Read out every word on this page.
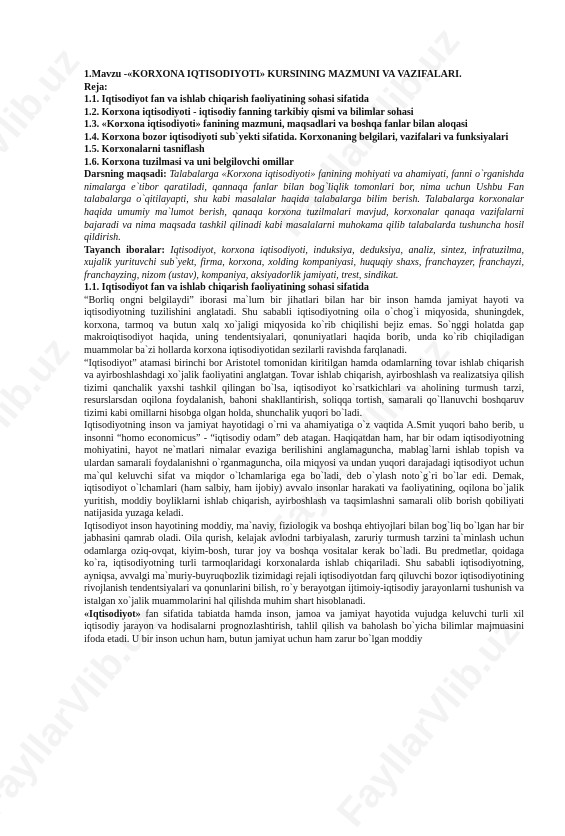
1.Mavzu -«KORXONA IQTISODIYOTI» KURSINING MAZMUNI VA VAZIFALARI.

Reja:

1.1. Iqtisodiyot fan va ishlab chiqarish faoliyatining sohasi sifatida

1.2. Korxona iqtisodiyoti - iqtisodiy fanning tarkibiy qismi va bilimlar sohasi

1.3. «Korxona iqtisodiyoti» fanining mazmuni, maqsadlari va boshqa fanlar bilan aloqasi

1.4. Korxona bozor iqtisodiyoti sub`yekti sifatida. Korxonaning belgilari, vazifalari va funksiyalari

1.5. Korxonalarni tasniflash

1.6. Korxona tuzilmasi va uni belgilovchi omillar

Darsning maqsadi: Talabalarga «Korxona iqtisodiyoti» fanining mohiyati va ahamiyati, fanni o`rganishda nimalarga e`tibor qaratiladi, qannaqa fanlar bilan bog`liqlik tomonlari bor, nima uchun Ushbu Fan talabalarga o`qitilayapti, shu kabi masalalar haqida talabalarga bilim berish. Talabalarga korxonalar haqida umumiy ma`lumot berish, qanaqa korxona tuzilmalari mavjud, korxonalar qanaqa vazifalarni bajaradi va nima maqsada tashkil qilinadi kabi masalalarni muhokama qilib talabalarda tushuncha hosil qildirish.

Tayanch iboralar: Iqtisodiyot, korxona iqtisodiyoti, induksiya, deduksiya, analiz, sintez, infratuzilma, xujalik yurituvchi sub`yekt, firma, korxona, xolding kompaniyasi, huquqiy shaxs, franchayzer, franchayzi, franchayzing, nizom (ustav), kompaniya, aksiyadorlik jamiyati, trest, sindikat.

1.1. Iqtisodiyot fan va ishlab chiqarish faoliyatining sohasi sifatida

“Borliq ongni belgilaydi” iborasi ma`lum bir jihatlari bilan har bir inson hamda jamiyat hayoti va iqtisodiyotning tuzilishini anglatadi. Shu sababli iqtisodiyotning oila o`chog`i miqyosida, shuningdek, korxona, tarmoq va butun xalq xo`jaligi miqyosida ko`rib chiqilishi bejiz emas. So`nggi holatda gap makroiqtisodiyot haqida, uning tendentsiyalari, qonuniyatlari haqida borib, unda ko`rib chiqiladigan muammolar ba`zi hollarda korxona iqtisodiyotidan sezilarli ravishda farqlanadi.

“Iqtisodiyot” atamasi birinchi bor Aristotel tomonidan kiritilgan hamda odamlarning tovar ishlab chiqarish va ayirboshlashdagi xo`jalik faoliyatini anglatgan. Tovar ishlab chiqarish, ayirboshlash va realizatsiya qilish tizimi qanchalik yaxshi tashkil qilingan bo`lsa, iqtisodiyot ko`rsatkichlari va aholining turmush tarzi, resurslarsdan oqilona foydalanish, bahoni shakllantirish, soliqqa tortish, samarali qo`llanuvchi boshqaruv tizimi kabi omillarni hisobga olgan holda, shunchalik yuqori bo`ladi.

Iqtisodiyotning inson va jamiyat hayotidagi o`rni va ahamiyatiga o`z vaqtida A.Smit yuqori baho berib, u insonni “homo economicus” - “iqtisodiy odam” deb atagan. Haqiqatdan ham, har bir odam iqtisodiyotning mohiyatini, hayot ne`matlari nimalar evaziga berilishini anglamaguncha, mablag`larni ishlab topish va ulardan samarali foydalanishni o`rganmaguncha, oila miqyosi va undan yuqori darajadagi iqtisodiyot uchun ma`qul keluvchi sifat va miqdor o`lchamlariga ega bo`ladi, deb o`ylash noto`g`ri bo`lar edi. Demak, iqtisodiyot o`lchamlari (ham salbiy, ham ijobiy) avvalo insonlar harakati va faoliyatining, oqilona bo`jalik yuritish, moddiy boyliklarni ishlab chiqarish, ayirboshlash va taqsimlashni samarali olib borish qobiliyati natijasida yuzaga keladi.

Iqtisodiyot inson hayotining moddiy, ma`naviy, fiziologik va boshqa ehtiyojlari bilan bog`liq bo`lgan har bir jabhasini qamrab oladi. Oila qurish, kelajak avlodni tarbiyalash, zaruriy turmush tarzini ta`minlash uchun odamlarga oziq-ovqat, kiyim-bosh, turar joy va boshqa vositalar kerak bo`ladi. Bu predmetlar, qoidaga ko`ra, iqtisodiyotning turli tarmoqlaridagi korxonalarda ishlab chiqariladi. Shu sababli iqtisodiyotning, ayniqsa, avvalgi ma`muriy-buyruqbozlik tizimidagi rejali iqtisodiyotdan farq qiluvchi bozor iqtisodiyotining rivojlanish tendentsiyalari va qonunlarini bilish, ro`y berayotgan ijtimoiy-iqtisodiy jarayonlarni tushunish va istalgan xo`jalik muammolarini hal qilishda muhim shart hisoblanadi.

«Iqtisodiyot» fan sifatida tabiatda hamda inson, jamoa va jamiyat hayotida vujudga keluvchi turli xil iqtisodiy jarayon va hodisalarni prognozlashtirish, tahlil qilish va baholash bo`yicha bilimlar majmuasini ifoda etadi. U bir inson uchun ham, butun jamiyat uchun ham zarur bo`lgan moddiy
